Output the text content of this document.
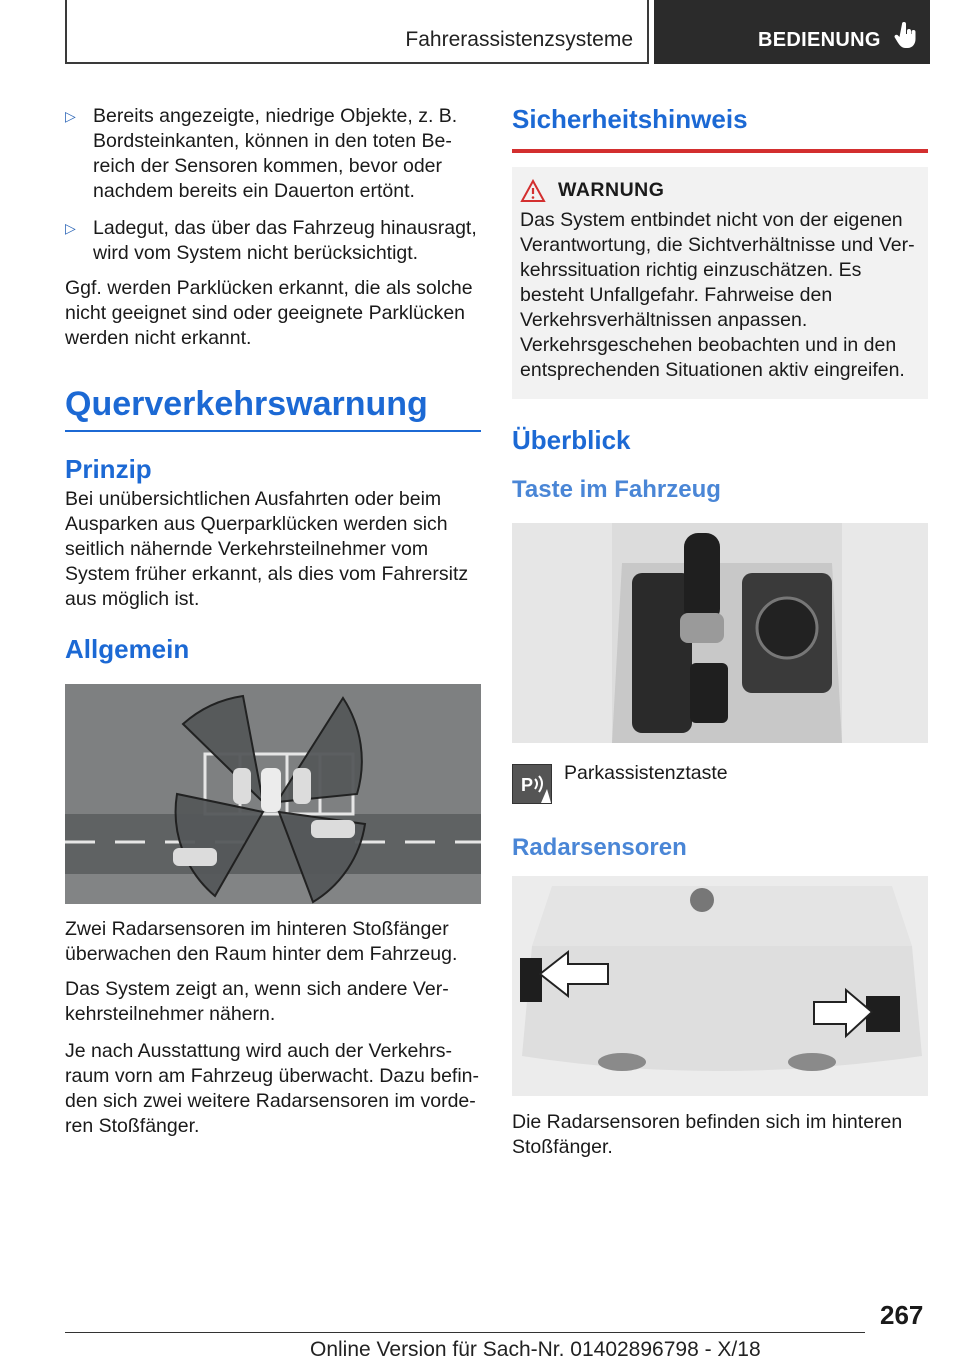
Fahrerassistenzsysteme	BEDIENUNG
▷ Bereits angezeigte, niedrige Objekte, z. B. Bordsteinkanten, können in den toten Bereich der Sensoren kommen, bevor oder nachdem bereits ein Dauerton ertönt.
▷ Ladegut, das über das Fahrzeug hinausragt, wird vom System nicht berücksichtigt.

Ggf. werden Parklücken erkannt, die als solche nicht geeignet sind oder geeignete Parklücken werden nicht erkannt.

Querverkehrswarnung
Prinzip

Bei unübersichtlichen Ausfahrten oder beim Ausparken aus Querparklücken werden sich seitlich nähernde Verkehrsteilnehmer vom System früher erkannt, als dies vom Fahrersitz aus möglich ist.

Allgemein

Zwei Radarsensoren im hinteren Stoßfänger überwachen den Raum hinter dem Fahrzeug.

Das System zeigt an, wenn sich andere Verkehrsteilnehmer nähern.

Je nach Ausstattung wird auch der Verkehrsraum vorn am Fahrzeug überwacht. Dazu befinden sich zwei weitere Radarsensoren im vorderen Stoßfänger.

Sicherheitshinweis
WARNUNG

Das System entbindet nicht von der eigenen Verantwortung, die Sichtverhältnisse und Verkehrssituation richtig einzuschätzen. Es besteht Unfallgefahr. Fahrweise den Verkehrsverhältnissen anpassen. Verkehrsgeschehen beobachten und in den entsprechenden Situationen aktiv eingreifen.

Überblick
Taste im Fahrzeug
P
Parkassistenztaste
Radarsensoren

Die Radarsensoren befinden sich im hinteren Stoßfänger.

267
Online Version für Sach-Nr. 01402896798 - X/18
